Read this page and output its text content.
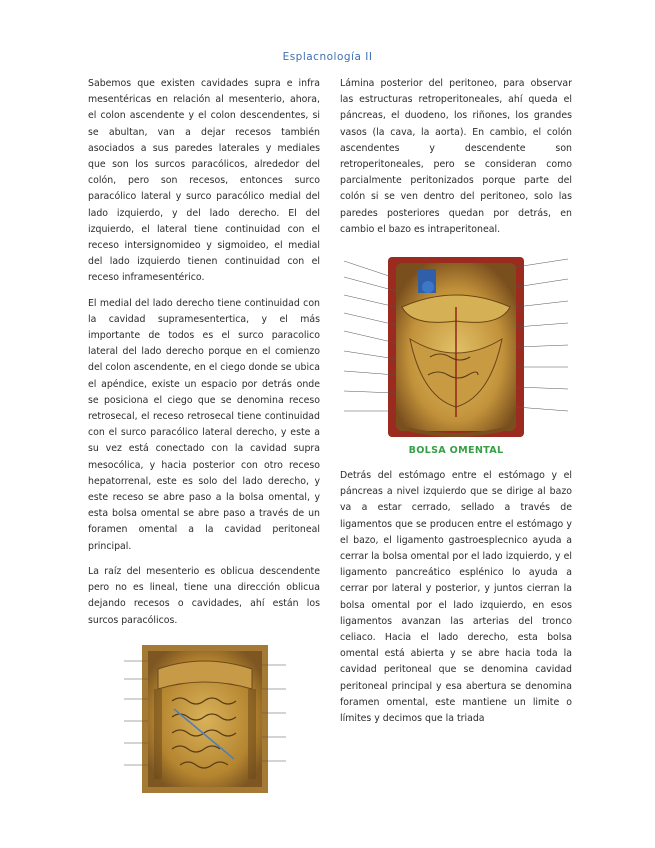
Esplacnología II

Sabemos que existen cavidades supra e infra mesentéricas en relación al mesenterio, ahora, el colon ascendente y el colon descendentes, si se abultan, van a dejar recesos también asociados a sus paredes laterales y mediales que son los surcos paracólicos, alrededor del colón, pero son recesos, entonces surco paracólico lateral y surco paracólico medial del lado izquierdo, y del lado derecho. El del izquierdo, el lateral tiene continuidad con el receso intersignomideo y sigmoideo, el medial del lado izquierdo tienen continuidad con el receso inframesentérico.

El medial del lado derecho tiene continuidad con la cavidad supramesentertica, y el más importante de todos es el surco paracolico lateral del lado derecho porque en el comienzo del colon ascendente, en el ciego donde se ubica el apéndice, existe un espacio por detrás onde se posiciona el ciego que se denomina receso retrosecal, el receso retrosecal tiene continuidad con el surco paracólico lateral derecho, y este a su vez está conectado con la cavidad supra mesocólica, y hacia posterior con otro receso hepatorrenal, este es solo del lado derecho, y este receso se abre paso a la bolsa omental, y esta bolsa omental se abre paso a través de un foramen omental a la cavidad peritoneal principal.

La raíz del mesenterio es oblicua descendente pero no es lineal, tiene una dirección oblicua dejando recesos o cavidades, ahí están los surcos paracólicos.

Lámina posterior del peritoneo, para observar las estructuras retroperitoneales, ahí queda el páncreas, el duodeno, los riñones, los grandes vasos (la cava, la aorta). En cambio, el colón ascendentes y descendente son retroperitoneales, pero se consideran como parcialmente peritonizados porque parte del colón si se ven dentro del peritoneo, solo las paredes posteriores quedan por detrás, en cambio el bazo es intraperitoneal.

BOLSA OMENTAL

Detrás del estómago entre el estómago y el páncreas a nivel izquierdo que se dirige al bazo va a estar cerrado, sellado a través de ligamentos que se producen entre el estómago y el bazo, el ligamento gastroesplecnico ayuda a cerrar la bolsa omental por el lado izquierdo, y el ligamento pancreático esplénico lo ayuda a cerrar por lateral y posterior, y juntos cierran la bolsa omental por el lado izquierdo, en esos ligamentos avanzan las arterias del tronco celiaco. Hacia el lado derecho, esta bolsa omental está abierta y se abre hacia toda la cavidad peritoneal que se denomina cavidad peritoneal principal y esa abertura se denomina foramen omental, este mantiene un limite o límites y decimos que la triada
